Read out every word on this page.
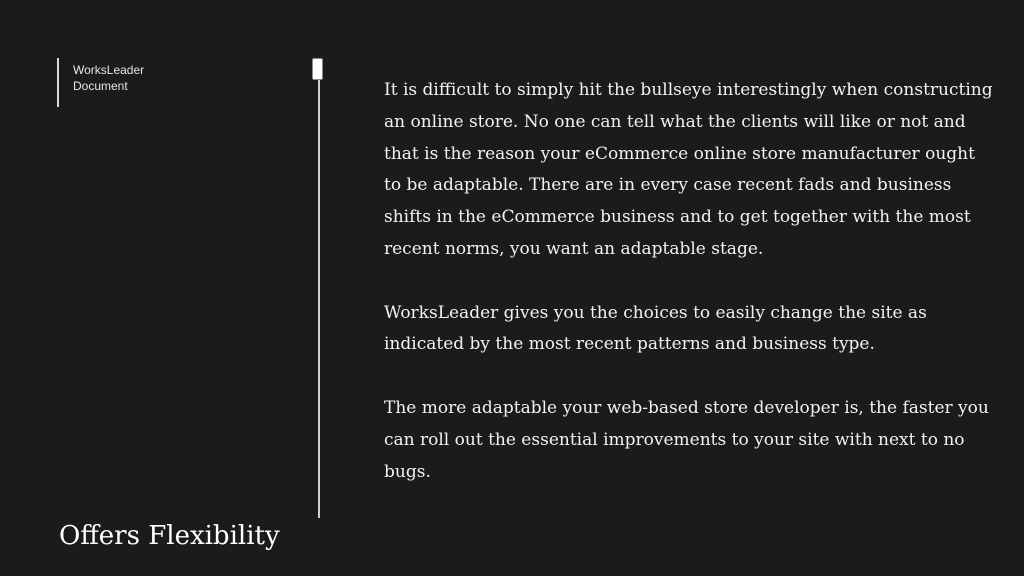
WorksLeader
Document
Offers Flexibility

It is difficult to simply hit the bullseye interestingly when constructing an online store. No one can tell what the clients will like or not and that is the reason your eCommerce online store manufacturer ought to be adaptable. There are in every case recent fads and business shifts in the eCommerce business and to get together with the most recent norms, you want an adaptable stage.

WorksLeader gives you the choices to easily change the site as indicated by the most recent patterns and business type.

The more adaptable your web-based store developer is, the faster you can roll out the essential improvements to your site with next to no bugs.
